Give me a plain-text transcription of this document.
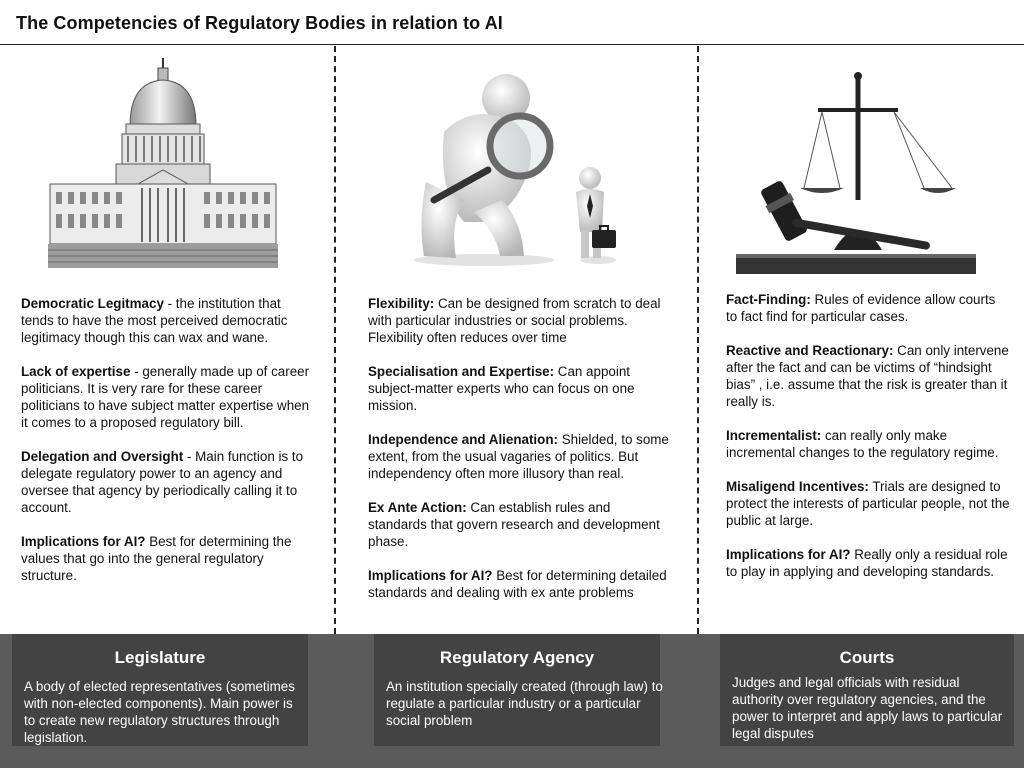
The Competencies of Regulatory Bodies in relation to AI

Democratic Legitmacy - the institution that tends to have the most perceived democratic legitimacy though this can wax and wane.

Lack of expertise - generally made up of career politicians. It is very rare for these career politicians to have subject matter expertise when it comes to a proposed regulatory bill.

Delegation and Oversight - Main function is to delegate regulatory power to an agency and oversee that agency by periodically calling it to account.

Implications for AI? Best for determining the values that go into the general regulatory structure.

Flexibility: Can be designed from scratch to deal with particular industries or social problems. Flexibility often reduces over time

Specialisation and Expertise: Can appoint subject-matter experts who can focus on one mission.

Independence and Alienation: Shielded, to some extent, from the usual vagaries of politics. But independency often more illusory than real.

Ex Ante Action: Can establish rules and standards that govern research and development phase.

Implications for AI? Best for determining detailed standards and dealing with ex ante problems

Fact-Finding: Rules of evidence allow courts to fact find for particular cases.

Reactive and Reactionary: Can only intervene after the fact and can be victims of “hindsight bias” , i.e. assume that the risk is greater than it really is.

Incrementalist: can really only make incremental changes to the regulatory regime.

Misaligend Incentives: Trials are designed to protect the interests of particular people, not the public at large.

Implications for AI? Really only a residual role to play in applying and developing standards.

Legislature
A body of elected representatives (sometimes with non-elected components). Main power is to create new regulatory structures through legislation.
Regulatory Agency
An institution specially created (through law) to regulate a particular industry or a particular social problem
Courts
Judges and legal officials with residual authority over regulatory agencies, and the power to interpret and apply laws to particular legal disputes
